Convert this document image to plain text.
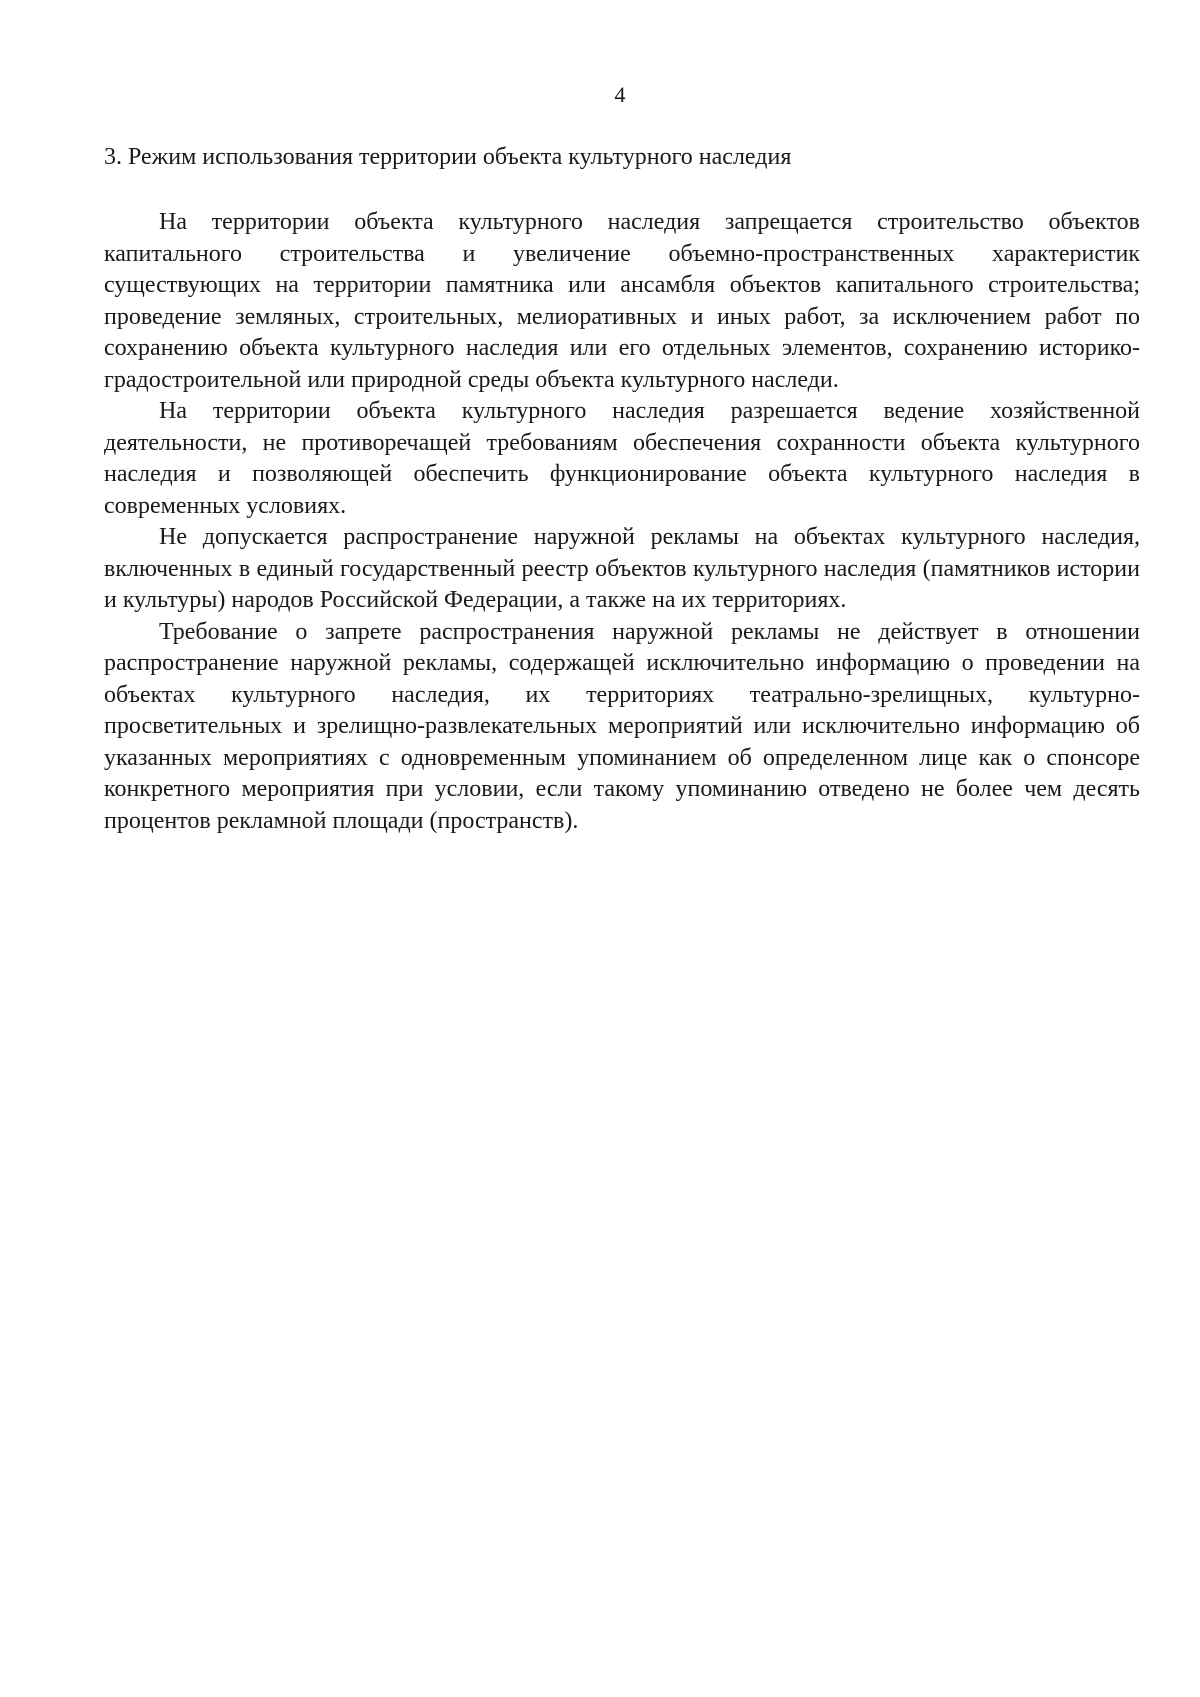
4
3. Режим использования территории объекта культурного наследия

На территории объекта культурного наследия запрещается строительство объектов капитального строительства и увеличение объемно-пространственных характеристик существующих на территории памятника или ансамбля объектов капитального строительства; проведение земляных, строительных, мелиоративных и иных работ, за исключением работ по сохранению объекта культурного наследия или его отдельных элементов, сохранению историко-градостроительной или природной среды объекта культурного наследи.

На территории объекта культурного наследия разрешается ведение хозяйственной деятельности, не противоречащей требованиям обеспечения сохранности объекта культурного наследия и позволяющей обеспечить функционирование объекта культурного наследия в современных условиях.

Не допускается распространение наружной рекламы на объектах культурного наследия, включенных в единый государственный реестр объектов культурного наследия (памятников истории и культуры) народов Российской Федерации, а также на их территориях.

Требование о запрете распространения наружной рекламы не действует в отношении распространение наружной рекламы, содержащей исключительно информацию о проведении на объектах культурного наследия, их территориях театрально-зрелищных, культурно-просветительных и зрелищно-развлекательных мероприятий или исключительно информацию об указанных мероприятиях с одновременным упоминанием об определенном лице как о спонсоре конкретного мероприятия при условии, если такому упоминанию отведено не более чем десять процентов рекламной площади (пространств).
